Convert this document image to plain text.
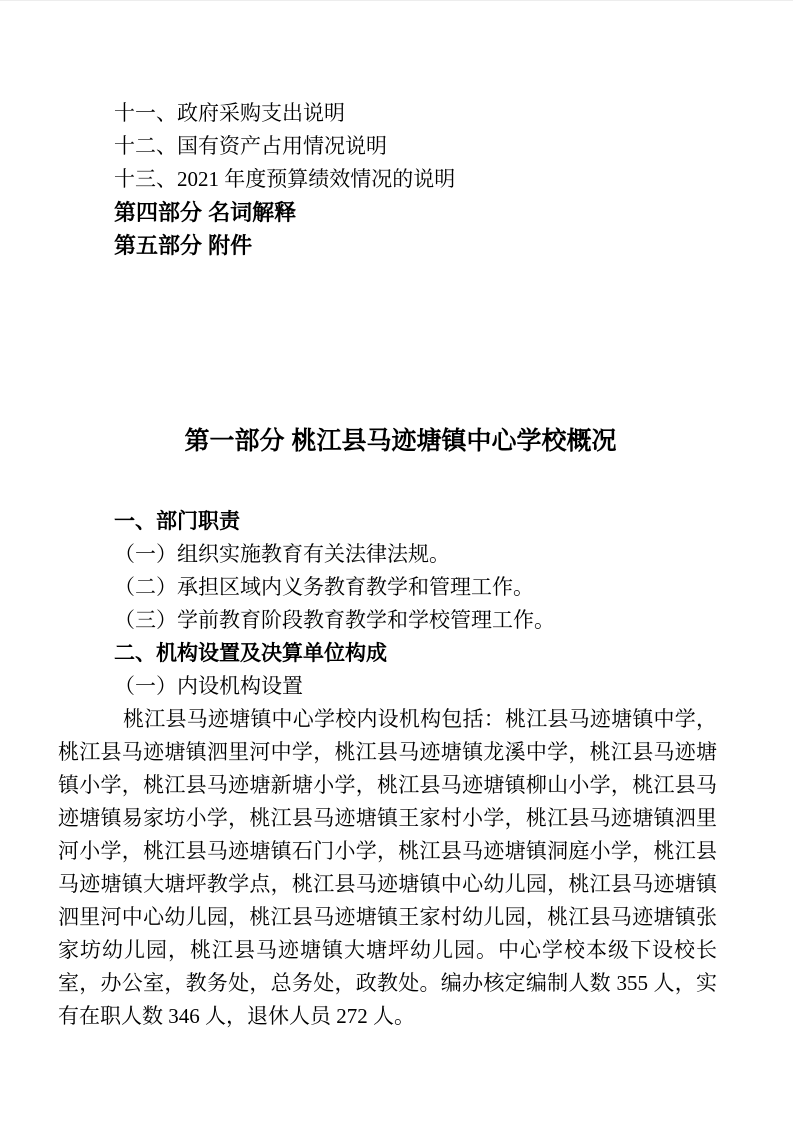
十一、政府采购支出说明
十二、国有资产占用情况说明
十三、2021 年度预算绩效情况的说明
第四部分 名词解释
第五部分 附件
第一部分 桃江县马迹塘镇中心学校概况
一、部门职责
（一）组织实施教育有关法律法规。
（二）承担区域内义务教育教学和管理工作。
（三）学前教育阶段教育教学和学校管理工作。
二、机构设置及决算单位构成
（一）内设机构设置

桃江县马迹塘镇中心学校内设机构包括：桃江县马迹塘镇中学，桃江县马迹塘镇泗里河中学，桃江县马迹塘镇龙溪中学，桃江县马迹塘镇小学，桃江县马迹塘新塘小学，桃江县马迹塘镇柳山小学，桃江县马迹塘镇易家坊小学，桃江县马迹塘镇王家村小学，桃江县马迹塘镇泗里河小学，桃江县马迹塘镇石门小学，桃江县马迹塘镇洞庭小学，桃江县马迹塘镇大塘坪教学点，桃江县马迹塘镇中心幼儿园，桃江县马迹塘镇泗里河中心幼儿园，桃江县马迹塘镇王家村幼儿园，桃江县马迹塘镇张家坊幼儿园，桃江县马迹塘镇大塘坪幼儿园。中心学校本级下设校长室，办公室，教务处，总务处，政教处。编办核定编制人数 355 人，实有在职人数 346 人，退休人员 272 人。
